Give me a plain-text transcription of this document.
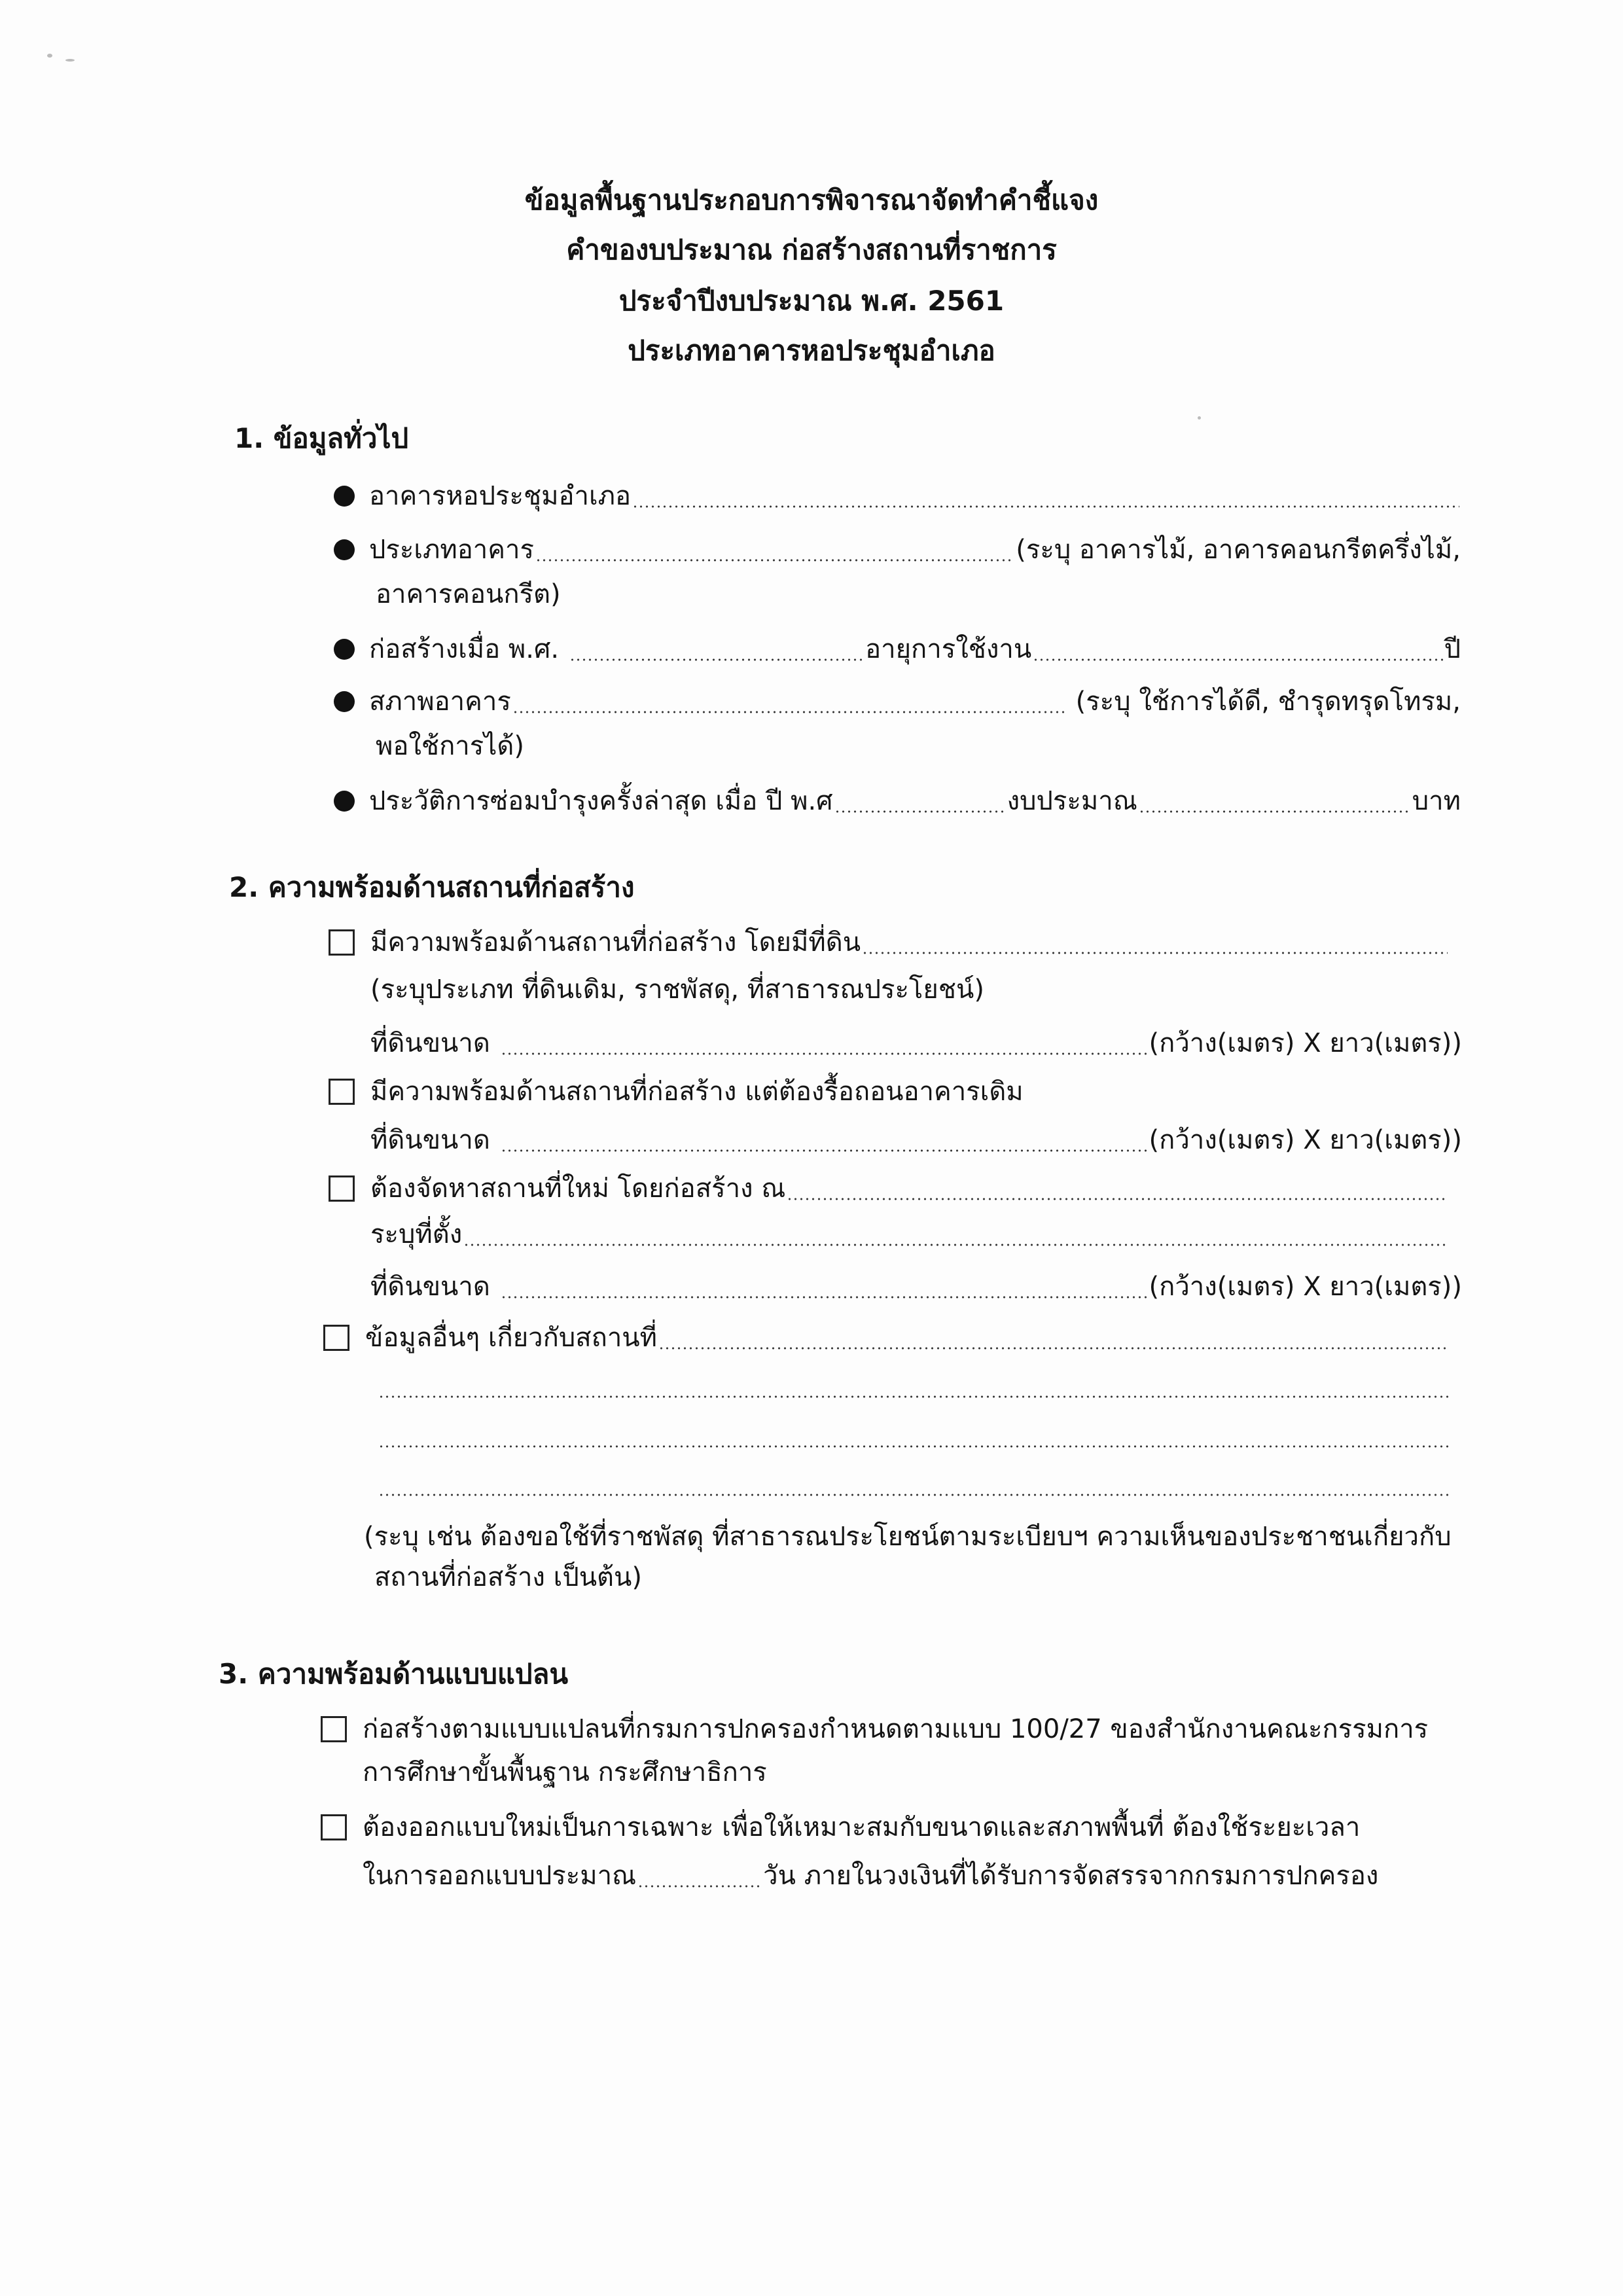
ข้อมูลพื้นฐานประกอบการพิจารณาจัดทำคำชี้แจง
คำของบประมาณ ก่อสร้างสถานที่ราชการ
ประจำปีงบประมาณ พ.ศ. 2561
ประเภทอาคารหอประชุมอำเภอ
1. ข้อมูลทั่วไป
อาคารหอประชุมอำเภอ
ประเภทอาคาร	(ระบุ อาคารไม้, อาคารคอนกรีตครึ่งไม้,
อาคารคอนกรีต)
ก่อสร้างเมื่อ พ.ศ.	อายุการใช้งาน	ปี
สภาพอาคาร	(ระบุ ใช้การได้ดี, ชำรุดทรุดโทรม,
พอใช้การได้)
ประวัติการซ่อมบำรุงครั้งล่าสุด เมื่อ ปี พ.ศ	งบประมาณ	บาท
2. ความพร้อมด้านสถานที่ก่อสร้าง
มีความพร้อมด้านสถานที่ก่อสร้าง โดยมีที่ดิน
(ระบุประเภท ที่ดินเดิม, ราชพัสดุ, ที่สาธารณประโยชน์)
ที่ดินขนาด	(กว้าง(เมตร) X ยาว(เมตร))
มีความพร้อมด้านสถานที่ก่อสร้าง แต่ต้องรื้อถอนอาคารเดิม
ที่ดินขนาด	(กว้าง(เมตร) X ยาว(เมตร))
ต้องจัดหาสถานที่ใหม่ โดยก่อสร้าง ณ
ระบุที่ตั้ง
ที่ดินขนาด	(กว้าง(เมตร) X ยาว(เมตร))
ข้อมูลอื่นๆ เกี่ยวกับสถานที่
(ระบุ เช่น ต้องขอใช้ที่ราชพัสดุ ที่สาธารณประโยชน์ตามระเบียบฯ ความเห็นของประชาชนเกี่ยวกับ
สถานที่ก่อสร้าง เป็นต้น)
3. ความพร้อมด้านแบบแปลน
ก่อสร้างตามแบบแปลนที่กรมการปกครองกำหนดตามแบบ 100/27 ของสำนักงานคณะกรรมการ
การศึกษาขั้นพื้นฐาน กระศึกษาธิการ
ต้องออกแบบใหม่เป็นการเฉพาะ เพื่อให้เหมาะสมกับขนาดและสภาพพื้นที่ ต้องใช้ระยะเวลา
ในการออกแบบประมาณ	วัน ภายในวงเงินที่ได้รับการจัดสรรจากกรมการปกครอง
